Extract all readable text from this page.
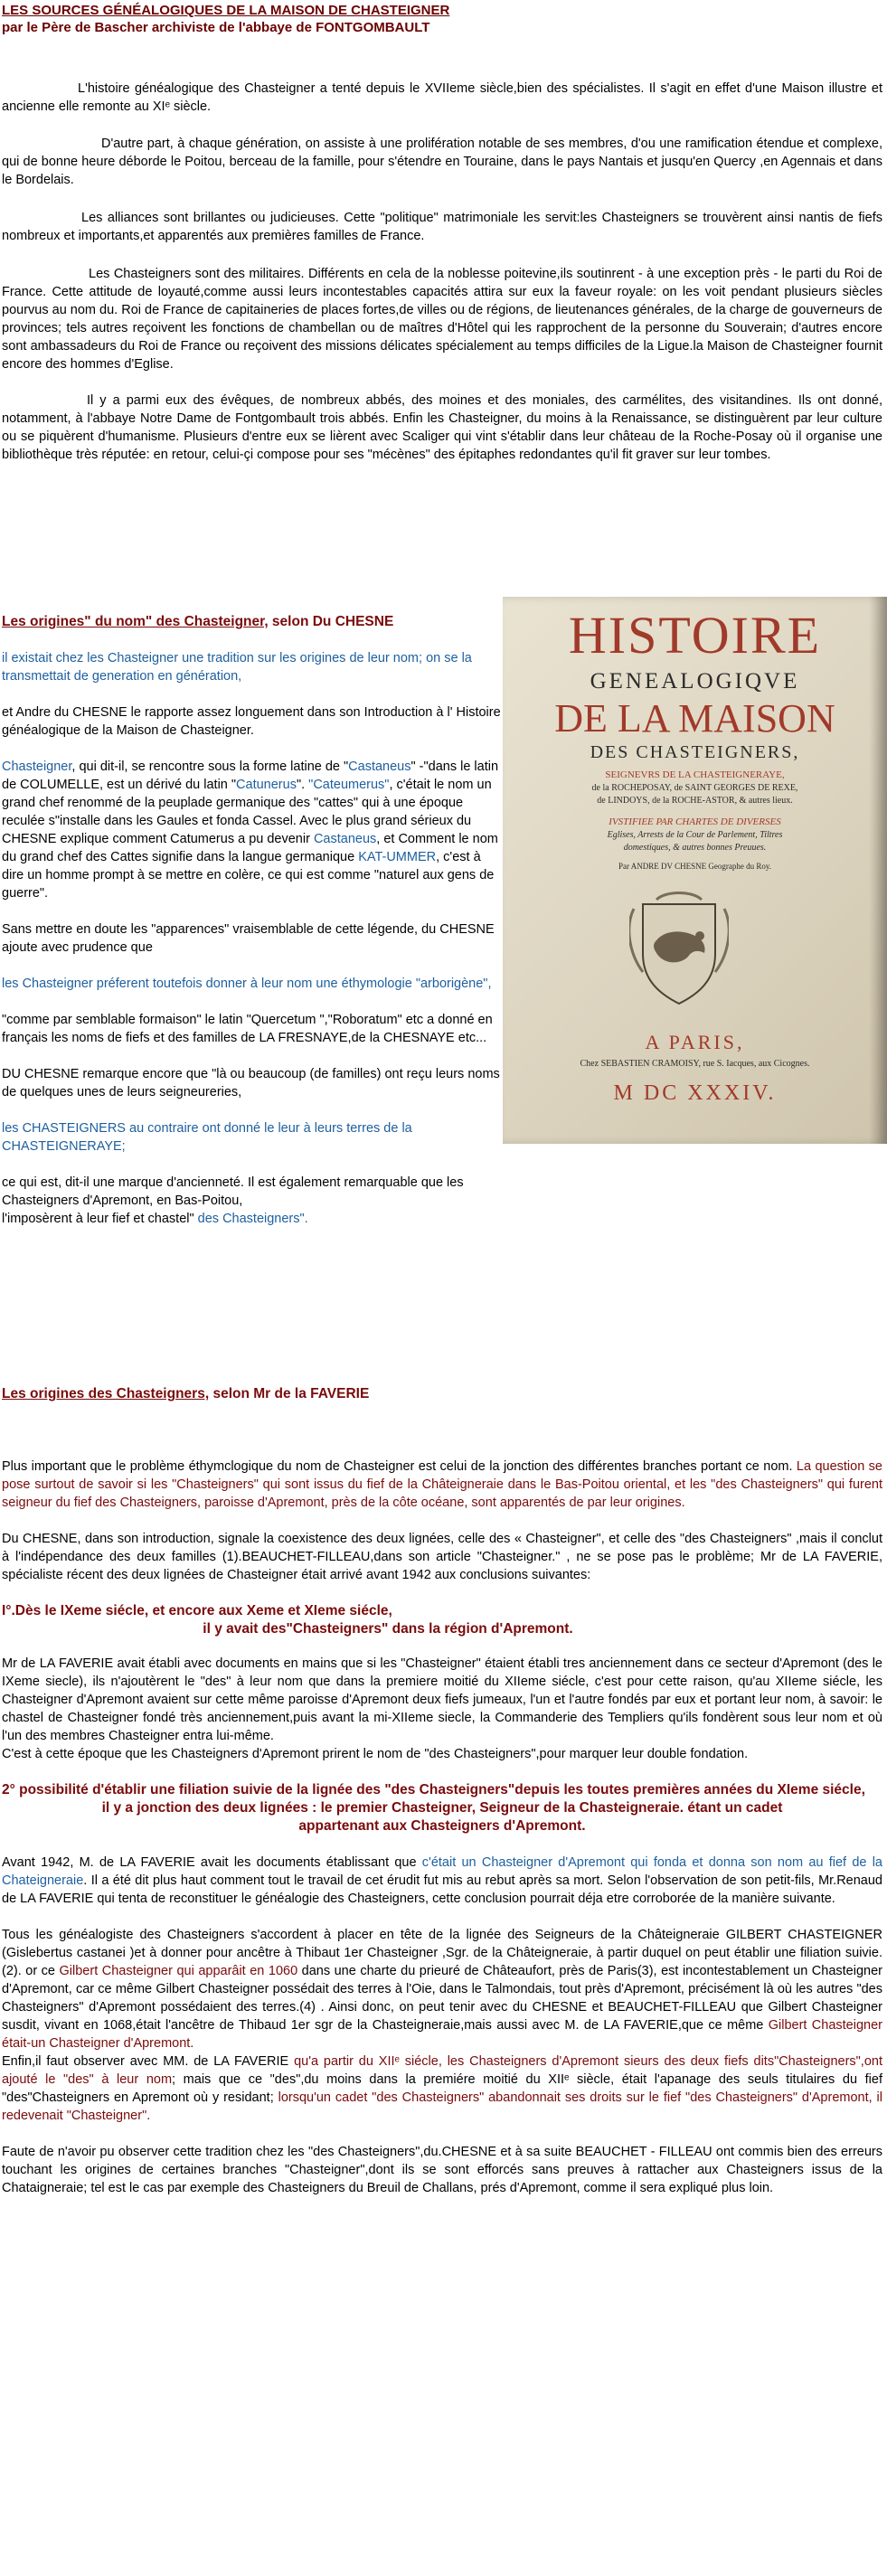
LES SOURCES GÉNÉALOGIQUES DE LA MAISON DE CHASTEIGNER
par le Père de Bascher archiviste de l'abbaye de FONTGOMBAULT

L'histoire généalogique des Chasteigner a tenté depuis le XVIIeme siècle,bien des spécialistes. Il s'agit en effet d'une Maison illustre et ancienne elle remonte au XIᵉ siècle.

D'autre part, à chaque génération, on assiste à une prolifération notable de ses membres, d'ou une ramification étendue et complexe, qui de bonne heure déborde le Poitou, berceau de la famille, pour s'étendre en Touraine, dans le pays Nantais et jusqu'en Quercy ,en Agennais et dans le Bordelais.

Les alliances sont brillantes ou judicieuses. Cette "politique" matrimoniale les servit:les Chasteigners se trouvèrent ainsi nantis de fiefs nombreux et importants,et apparentés aux premières familles de France.

Les Chasteigners sont des militaires. Différents en cela de la noblesse poitevine,ils soutinrent - à une exception près - le parti du Roi de France. Cette attitude de loyauté,comme aussi leurs incontestables capacités attira sur eux la faveur royale: on les voit pendant plusieurs siècles pourvus au nom du. Roi de France de capitaineries de places fortes,de villes ou de régions, de lieutenances générales, de la charge de gouverneurs de provinces; tels autres reçoivent les fonctions de chambellan ou de maîtres d'Hôtel qui les rapprochent de la personne du Souverain; d'autres encore sont ambassadeurs du Roi de France ou reçoivent des missions délicates spécialement au temps difficiles de la Ligue.la Maison de Chasteigner fournit encore des hommes d'Eglise.

Il y a parmi eux des évêques, de nombreux abbés, des moines et des moniales, des carmélites, des visitandines. Ils ont donné, notamment, à l'abbaye Notre Dame de Fontgombault trois abbés. Enfin les Chasteigner, du moins à la Renaissance, se distinguèrent par leur culture ou se piquèrent d'humanisme. Plusieurs d'entre eux se lièrent avec Scaliger qui vint s'établir dans leur château de la Roche-Posay où il organise une bibliothèque très réputée: en retour, celui-çi compose pour ses "mécènes" des épitaphes redondantes qu'il fit graver sur leur tombes.

Les origines" du nom" des Chasteigner, selon Du CHESNE

il existait chez les Chasteigner une tradition sur les origines de leur nom; on se la transmettait de generation en génération,

et Andre du CHESNE le rapporte assez longuement dans son Introduction à l' Histoire généalogique de la Maison de Chasteigner.

Chasteigner, qui dit-il, se rencontre sous la forme latine de "Castaneus" -"dans le latin de COLUMELLE, est un dérivé du latin "Catunerus". "Cateumerus", c'était le nom un grand chef renommé de la peuplade germanique des "cattes" qui à une époque reculée s"installe dans les Gaules et fonda Cassel. Avec le plus grand sérieux du CHESNE explique comment Catumerus a pu devenir Castaneus, et Comment le nom du grand chef des Cattes signifie dans la langue germanique KAT-UMMER, c'est à dire un homme prompt à se mettre en colère, ce qui est comme "naturel aux gens de guerre".

Sans mettre en doute les "apparences" vraisemblable de cette légende, du CHESNE ajoute avec prudence que

les Chasteigner préferent toutefois donner à leur nom une éthymologie "arborigène",

"comme par semblable formaison" le latin "Quercetum ","Roboratum" etc a donné en français les noms de fiefs et des familles de LA FRESNAYE,de la CHESNAYE etc...

DU CHESNE remarque encore que "là ou beaucoup (de familles) ont reçu leurs noms de quelques unes de leurs seigneureries,

les CHASTEIGNERS au contraire ont donné le leur à leurs terres de la CHASTEIGNERAYE;

ce qui est, dit-il une marque d'ancienneté. Il est également remarquable que les Chasteigners d'Apremont, en Bas-Poitou,

l'imposèrent à leur fief et chastel" des Chasteigners".

HISTOIRE
GENEALOGIQVE
DE LA MAISON
DES CHASTEIGNERS,
SEIGNEVRS DE LA CHASTEIGNERAYE,
de la ROCHEPOSAY, de SAINT GEORGES DE REXE,
de LINDOYS, de la ROCHE-ASTOR, & autres lieux.
IVSTIFIEE PAR CHARTES DE DIVERSES
Eglises, Arrests de la Cour de Parlement, Tiltres
domestiques, & autres bonnes Preuues.
Par ANDRE DV CHESNE Geographe du Roy.
A PARIS,
Chez SEBASTIEN CRAMOISY, rue S. Iacques, aux Cicognes.
M DC XXXIV.
Les origines des Chasteigners, selon Mr de la FAVERIE

Plus important que le problème éthymclogique du nom de Chasteigner est celui de la jonction des différentes branches portant ce nom. La question se pose surtout de savoir si les "Chasteigners" qui sont issus du fief de la Châteigneraie dans le Bas-Poitou oriental, et les "des Chasteigners" qui furent seigneur du fief des Chasteigners, paroisse d'Apremont, près de la côte océane, sont apparentés de par leur origines.

Du CHESNE, dans son introduction, signale la coexistence des deux lignées, celle des « Chasteigner", et celle des "des Chasteigners" ,mais il conclut à l'indépendance des deux familles (1).BEAUCHET-FILLEAU,dans son article "Chasteigner." , ne se pose pas le problème; Mr de LA FAVERIE, spécialiste récent des deux lignées de Chasteigner était arrivé avant 1942 aux conclusions suivantes:

I°.Dès le IXeme siécle, et encore aux Xeme et XIeme siécle,
il y avait des"Chasteigners" dans la région d'Apremont.

Mr de LA FAVERIE avait établi avec documents en mains que si les "Chasteigner" étaient établi tres anciennement dans ce secteur d'Apremont (des le IXeme siecle), ils n'ajoutèrent le "des" à leur nom que dans la premiere moitié du XIIeme siécle, c'est pour cette raison, qu'au XIIeme siécle, les Chasteigner d'Apremont avaient sur cette même paroisse d'Apremont deux fiefs jumeaux, l'un et l'autre fondés par eux et portant leur nom, à savoir: le chastel de Chasteigner fondé très anciennement,puis avant la mi-XIIeme siecle, la Commanderie des Templiers qu'ils fondèrent sous leur nom et où l'un des membres Chasteigner entra lui-même.

C'est à cette époque que les Chasteigners d'Apremont prirent le nom de "des Chasteigners",pour marquer leur double fondation.

2° possibilité d'établir une filiation suivie de la lignée des "des Chasteigners"depuis les toutes premières années du XIeme siécle,
il y a jonction des deux lignées : le premier Chasteigner, Seigneur de la Chasteigneraie. étant un cadet
appartenant aux Chasteigners d'Apremont.

Avant 1942, M. de LA FAVERIE avait les documents établissant que c'était un Chasteigner d'Apremont qui fonda et donna son nom au fief de la Chateigneraie. Il a été dit plus haut comment tout le travail de cet érudit fut mis au rebut après sa mort. Selon l'observation de son petit-fils, Mr.Renaud de LA FAVERIE qui tenta de reconstituer le généalogie des Chasteigners, cette conclusion pourrait déja etre corroborée de la manière suivante.

Tous les généalogiste des Chasteigners s'accordent à placer en tête de la lignée des Seigneurs de la Châteigneraie GILBERT CHASTEIGNER (Gislebertus castanei )et à donner pour ancêtre à Thibaut 1er Chasteigner ,Sgr. de la Châteigneraie, à partir duquel on peut établir une filiation suivie. (2). or ce Gilbert Chasteigner qui apparâit en 1060 dans une charte du prieuré de Châteaufort, près de Paris(3), est incontestablement un Chasteigner d'Apremont, car ce même Gilbert Chasteigner possédait des terres à l'Oie, dans le Talmondais, tout près d'Apremont, précisément là où les autres "des Chasteigners" d'Apremont possédaient des terres.(4) . Ainsi donc, on peut tenir avec du CHESNE et BEAUCHET-FILLEAU que Gilbert Chasteigner susdit, vivant en 1068,était l'ancêtre de Thibaud 1er sgr de la Chasteigneraie,mais aussi avec M. de LA FAVERIE,que ce même Gilbert Chasteigner était-un Chasteigner d'Apremont.

Enfin,il faut observer avec MM. de LA FAVERIE qu'a partir du XIIᵉ siécle, les Chasteigners d'Apremont sieurs des deux fiefs dits"Chasteigners",ont ajouté le "des" à leur nom; mais que ce "des",du moins dans la premiére moitié du XIIᵉ siècle, était l'apanage des seuls titulaires du fief "des"Chasteigners en Apremont où y residant; lorsqu'un cadet "des Chasteigners" abandonnait ses droits sur le fief "des Chasteigners" d'Apremont, il redevenait "Chasteigner".

Faute de n'avoir pu observer cette tradition chez les "des Chasteigners",du.CHESNE et à sa suite BEAUCHET - FILLEAU ont commis bien des erreurs touchant les origines de certaines branches "Chasteigner",dont ils se sont efforcés sans preuves à rattacher aux Chasteigners issus de la Chataigneraie; tel est le cas par exemple des Chasteigners du Breuil de Challans, prés d'Apremont, comme il sera expliqué plus loin.
